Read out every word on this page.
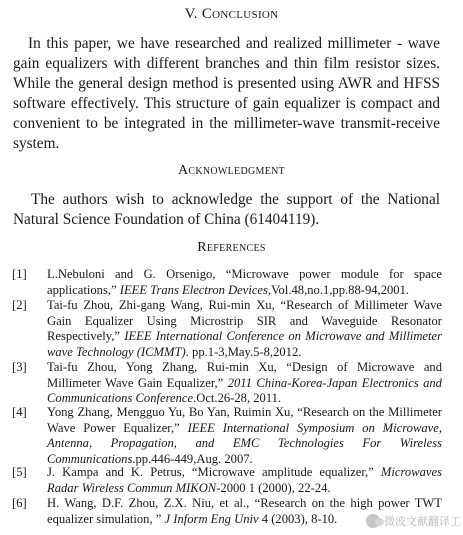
V. Conclusion

In this paper, we have researched and realized millimeter - wave gain equalizers with different branches and thin film resistor sizes. While the general design method is presented using AWR and HFSS software effectively. This structure of gain equalizer is compact and convenient to be integrated in the millimeter-wave transmit-receive system.

Acknowledgment

The authors wish to acknowledge the support of the National Natural Science Foundation of China (61404119).

References
[1] L.Nebuloni and G. Orsenigo, “Microwave power module for space applications,” IEEE Trans Electron Devices,Vol.48,no.1,pp.88-94,2001.
[2] Tai-fu Zhou, Zhi-gang Wang, Rui-min Xu, “Research of Millimeter Wave Gain Equalizer Using Microstrip SIR and Waveguide Resonator Respectively,” IEEE International Conference on Microwave and Millimeter wave Technology (ICMMT). pp.1-3,May.5-8,2012.
[3] Tai-fu Zhou, Yong Zhang, Rui-min Xu, “Design of Microwave and Millimeter Wave Gain Equalizer,” 2011 China-Korea-Japan Electronics and Communications Conference.Oct.26-28, 2011.
[4] Yong Zhang, Mengguo Yu, Bo Yan, Ruimin Xu, “Research on the Millimeter Wave Power Equalizer,” IEEE International Symposium on Microwave, Antenna, Propagation, and EMC Technologies For Wireless Communications.pp.446-449,Aug. 2007.
[5] J. Kampa and K. Petrus, “Microwave amplitude equalizer,” Microwaves Radar Wireless Commun MIKON-2000 1 (2000), 22-24.
[6] H. Wang, D.F. Zhou, Z.X. Niu, et al., “Research on the high power TWT equalizer simulation, ” J Inform Eng Univ 4 (2003), 8-10.	微波文献翻译工
